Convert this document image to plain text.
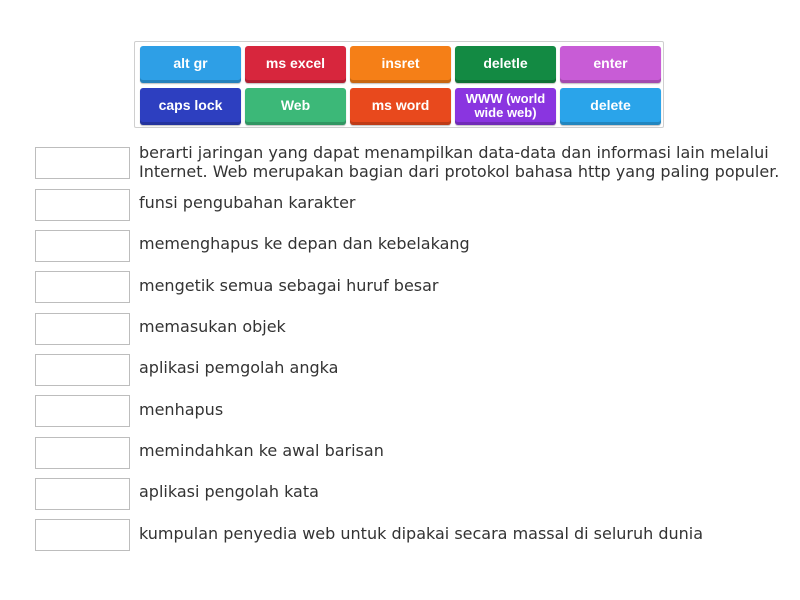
alt gr	ms excel	insret	deletle	enter
caps lock	Web	ms word	WWW (world wide web)	delete
berarti jaringan yang dapat menampilkan data-data dan informasi lain melalui
Internet. Web merupakan bagian dari protokol bahasa http yang paling populer.
funsi pengubahan karakter
memenghapus ke depan dan kebelakang
mengetik semua sebagai huruf besar
memasukan objek
aplikasi pemgolah angka
menhapus
memindahkan ke awal barisan
aplikasi pengolah kata
kumpulan penyedia web untuk dipakai secara massal di seluruh dunia
